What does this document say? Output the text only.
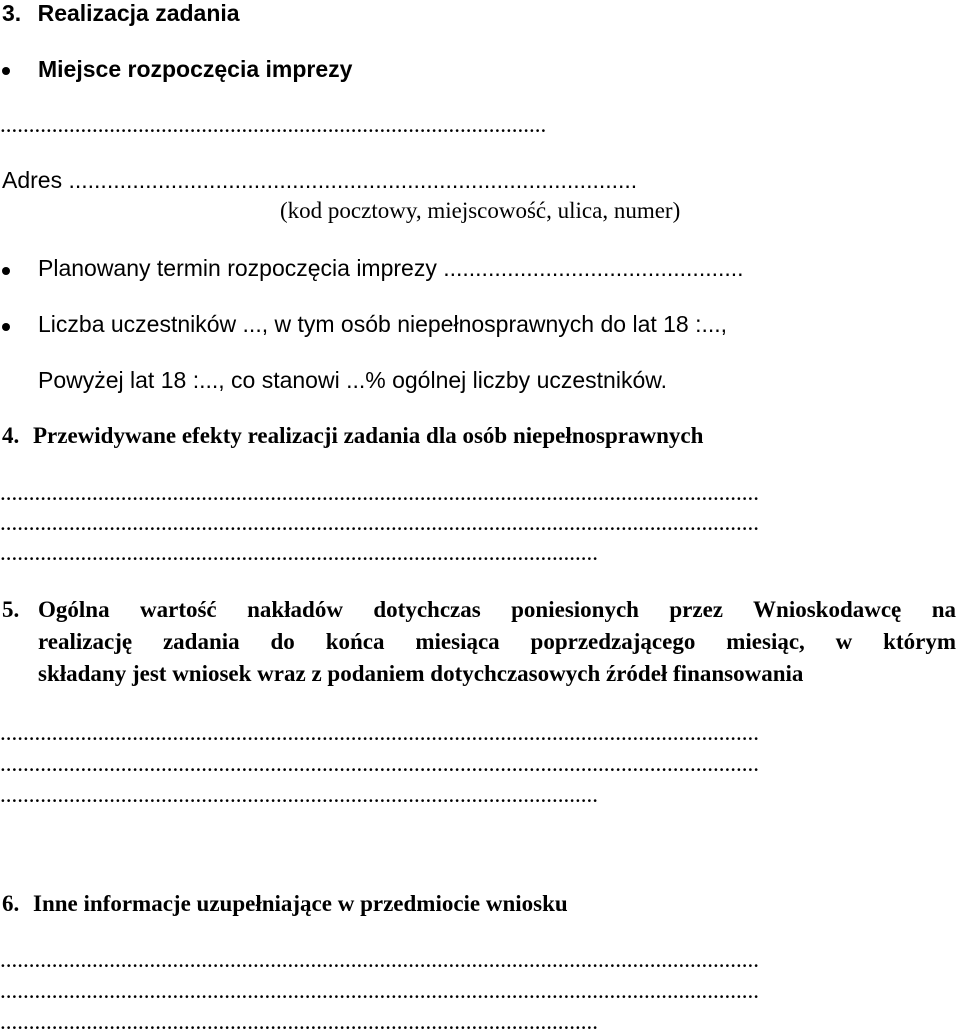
3. Realizacja zadania
Miejsce rozpoczęcia imprezy
...............................................................................................
Adres .........................................................................................
(kod pocztowy, miejscowość, ulica, numer)
Planowany termin rozpoczęcia imprezy ...............................................
Liczba uczestników ..., w tym osób niepełnosprawnych do lat 18 :...,
Powyżej lat 18 :..., co stanowi ...% ogólnej liczby uczestników.
4. Przewidywane efekty realizacji zadania dla osób niepełnosprawnych
....................................................................................................................................
....................................................................................................................................
........................................................................................................
5. Ogólna wartość nakładów dotychczas poniesionych przez Wnioskodawcę na
realizację zadania do końca miesiąca poprzedzającego miesiąc, w którym
składany jest wniosek wraz z podaniem dotychczasowych źródeł finansowania
....................................................................................................................................
....................................................................................................................................
........................................................................................................
6. Inne informacje uzupełniające w przedmiocie wniosku
....................................................................................................................................
....................................................................................................................................
........................................................................................................
